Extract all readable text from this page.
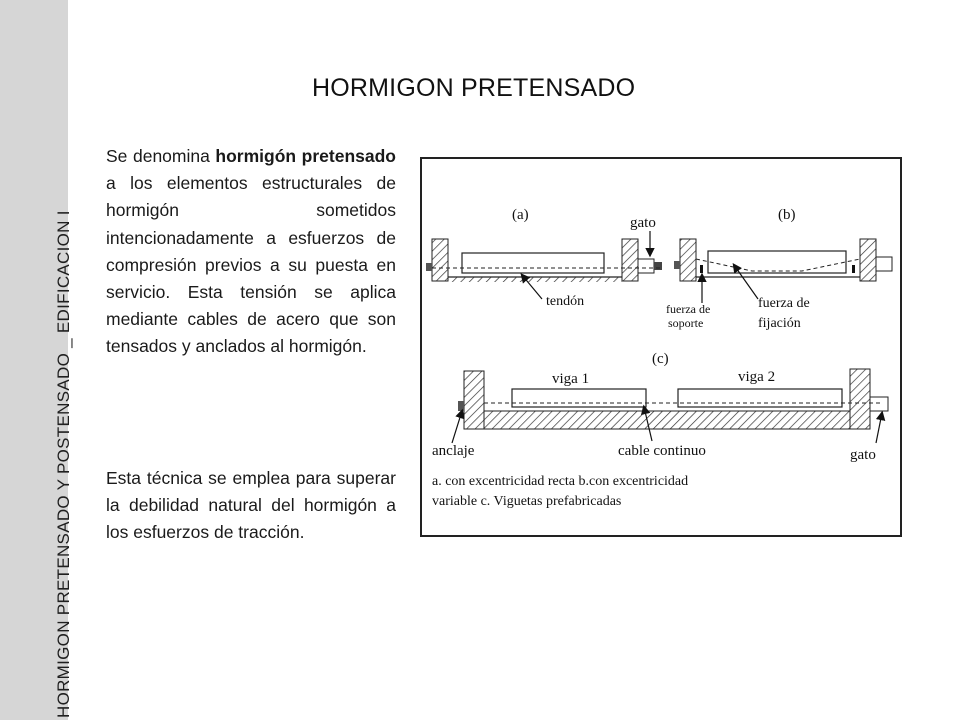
HORMIGON PRETENSADO Y POSTENSADO _ EDIFICACION I
HORMIGON PRETENSADO
Se denomina hormigón pretensado a los elementos estructurales de hormigón sometidos intencionadamente a esfuerzos de compresión previos a su puesta en servicio. Esta tensión se aplica mediante cables de acero que son tensados y anclados al hormigón.
Esta técnica se emplea para superar la debilidad natural del hormigón a los esfuerzos de tracción.
(a)	gato
tendón
(b)
fuerza de
soporte
fuerza de
fijación
(c)
viga 1	viga 2
anclaje	cable continuo	gato
a. con excentricidad recta b.con excentricidad
variable c. Viguetas prefabricadas
